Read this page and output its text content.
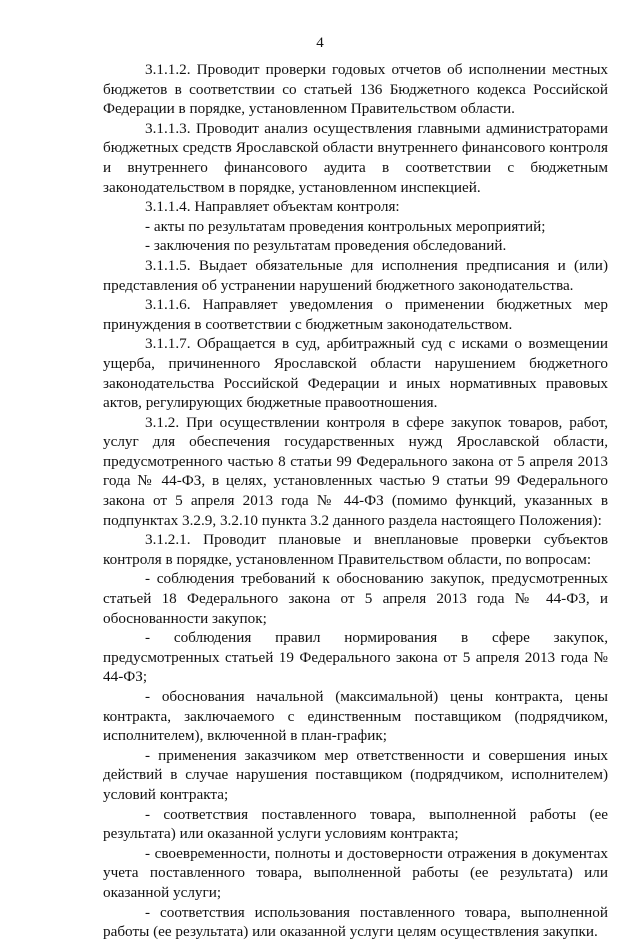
4

3.1.1.2. Проводит проверки годовых отчетов об исполнении местных бюджетов в соответствии со статьей 136 Бюджетного кодекса Российской Федерации в порядке, установленном Правительством области.

3.1.1.3. Проводит анализ осуществления главными администраторами бюджетных средств Ярославской области внутреннего финансового контроля и внутреннего финансового аудита в соответствии с бюджетным законодательством в порядке, установленном инспекцией.

3.1.1.4. Направляет объектам контроля:

- акты по результатам проведения контрольных мероприятий;

- заключения по результатам проведения обследований.

3.1.1.5. Выдает обязательные для исполнения предписания и (или) представления об устранении нарушений бюджетного законодательства.

3.1.1.6. Направляет уведомления о применении бюджетных мер принуждения в соответствии с бюджетным законодательством.

3.1.1.7. Обращается в суд, арбитражный суд с исками о возмещении ущерба, причиненного Ярославской области нарушением бюджетного законодательства Российской Федерации и иных нормативных правовых актов, регулирующих бюджетные правоотношения.

3.1.2. При осуществлении контроля в сфере закупок товаров, работ, услуг для обеспечения государственных нужд Ярославской области, предусмотренного частью 8 статьи 99 Федерального закона от 5 апреля 2013 года № 44-ФЗ, в целях, установленных частью 9 статьи 99 Федерального закона от 5 апреля 2013 года № 44-ФЗ (помимо функций, указанных в подпунктах 3.2.9, 3.2.10 пункта 3.2 данного раздела настоящего Положения):

3.1.2.1. Проводит плановые и внеплановые проверки субъектов контроля в порядке, установленном Правительством области, по вопросам:

- соблюдения требований к обоснованию закупок, предусмотренных статьей 18 Федерального закона от 5 апреля 2013 года № 44-ФЗ, и обоснованности закупок;

- соблюдения правил нормирования в сфере закупок, предусмотренных статьей 19 Федерального закона от 5 апреля 2013 года № 44-ФЗ;

- обоснования начальной (максимальной) цены контракта, цены контракта, заключаемого с единственным поставщиком (подрядчиком, исполнителем), включенной в план-график;

- применения заказчиком мер ответственности и совершения иных действий в случае нарушения поставщиком (подрядчиком, исполнителем) условий контракта;

- соответствия поставленного товара, выполненной работы (ее результата) или оказанной услуги условиям контракта;

- своевременности, полноты и достоверности отражения в документах учета поставленного товара, выполненной работы (ее результата) или оказанной услуги;

- соответствия использования поставленного товара, выполненной работы (ее результата) или оказанной услуги целям осуществления закупки.
